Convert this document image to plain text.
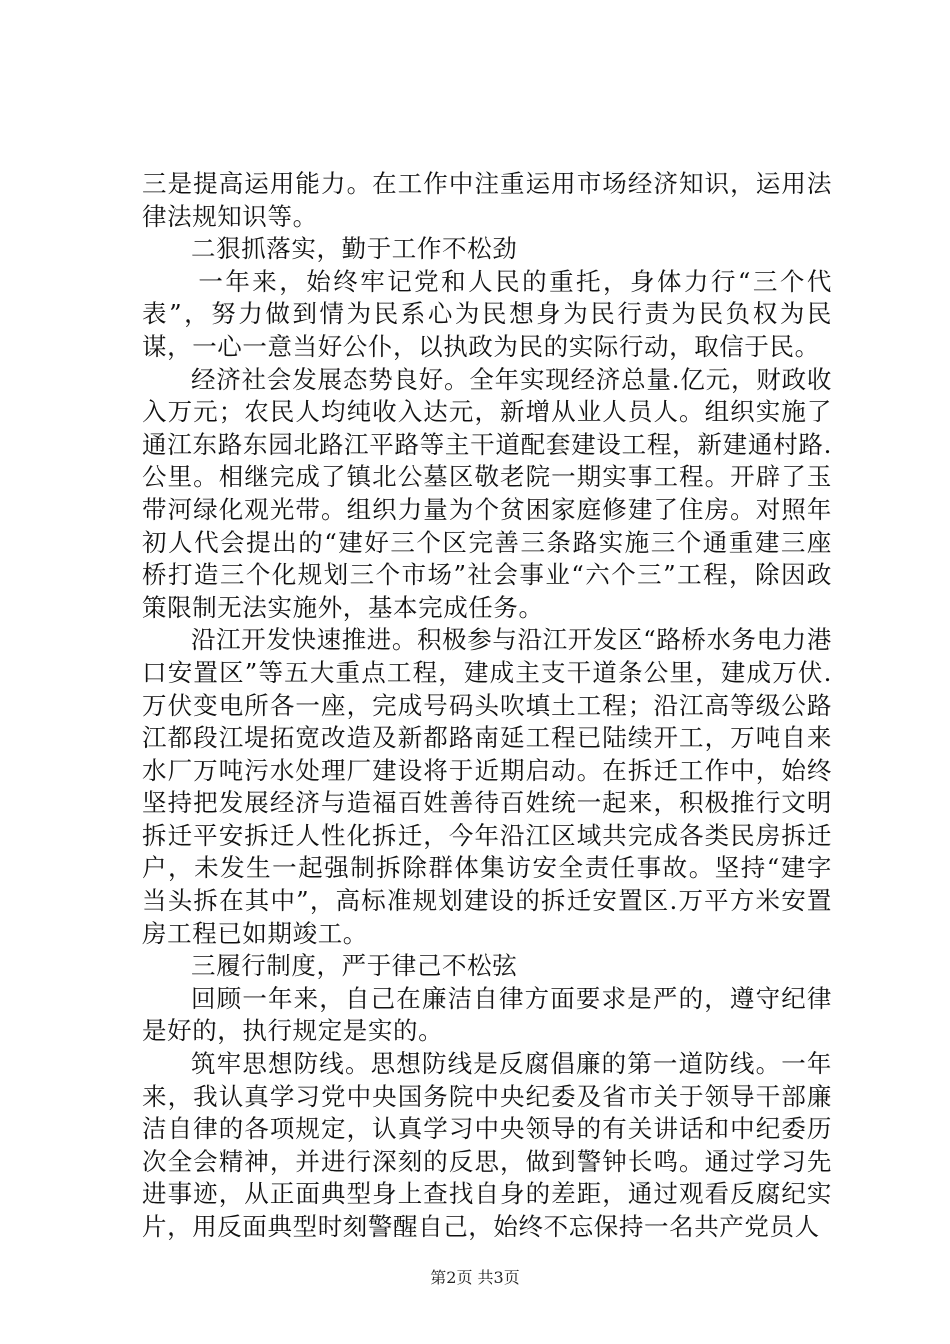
三是提高运用能力。在工作中注重运用市场经济知识，运用法律法规知识等。

二狠抓落实，勤于工作不松劲

一年来，始终牢记党和人民的重托，身体力行“三个代表”，努力做到情为民系心为民想身为民行责为民负权为民谋，一心一意当好公仆，以执政为民的实际行动，取信于民。

经济社会发展态势良好。全年实现经济总量.亿元，财政收入万元；农民人均纯收入达元，新增从业人员人。组织实施了通江东路东园北路江平路等主干道配套建设工程，新建通村路.公里。相继完成了镇北公墓区敬老院一期实事工程。开辟了玉带河绿化观光带。组织力量为个贫困家庭修建了住房。对照年初人代会提出的“建好三个区完善三条路实施三个通重建三座桥打造三个化规划三个市场”社会事业“六个三”工程，除因政策限制无法实施外，基本完成任务。

沿江开发快速推进。积极参与沿江开发区“路桥水务电力港口安置区”等五大重点工程，建成主支干道条公里，建成万伏.万伏变电所各一座，完成号码头吹填土工程；沿江高等级公路江都段江堤拓宽改造及新都路南延工程已陆续开工，万吨自来水厂万吨污水处理厂建设将于近期启动。在拆迁工作中，始终坚持把发展经济与造福百姓善待百姓统一起来，积极推行文明拆迁平安拆迁人性化拆迁，今年沿江区域共完成各类民房拆迁户，未发生一起强制拆除群体集访安全责任事故。坚持“建字当头拆在其中”，高标准规划建设的拆迁安置区.万平方米安置房工程已如期竣工。

三履行制度，严于律己不松弦

回顾一年来，自己在廉洁自律方面要求是严的，遵守纪律是好的，执行规定是实的。

筑牢思想防线。思想防线是反腐倡廉的第一道防线。一年来，我认真学习党中央国务院中央纪委及省市关于领导干部廉洁自律的各项规定，认真学习中央领导的有关讲话和中纪委历次全会精神，并进行深刻的反思，做到警钟长鸣。通过学习先进事迹，从正面典型身上查找自身的差距，通过观看反腐纪实片，用反面典型时刻警醒自己，始终不忘保持一名共产党员人

第2页 共3页
